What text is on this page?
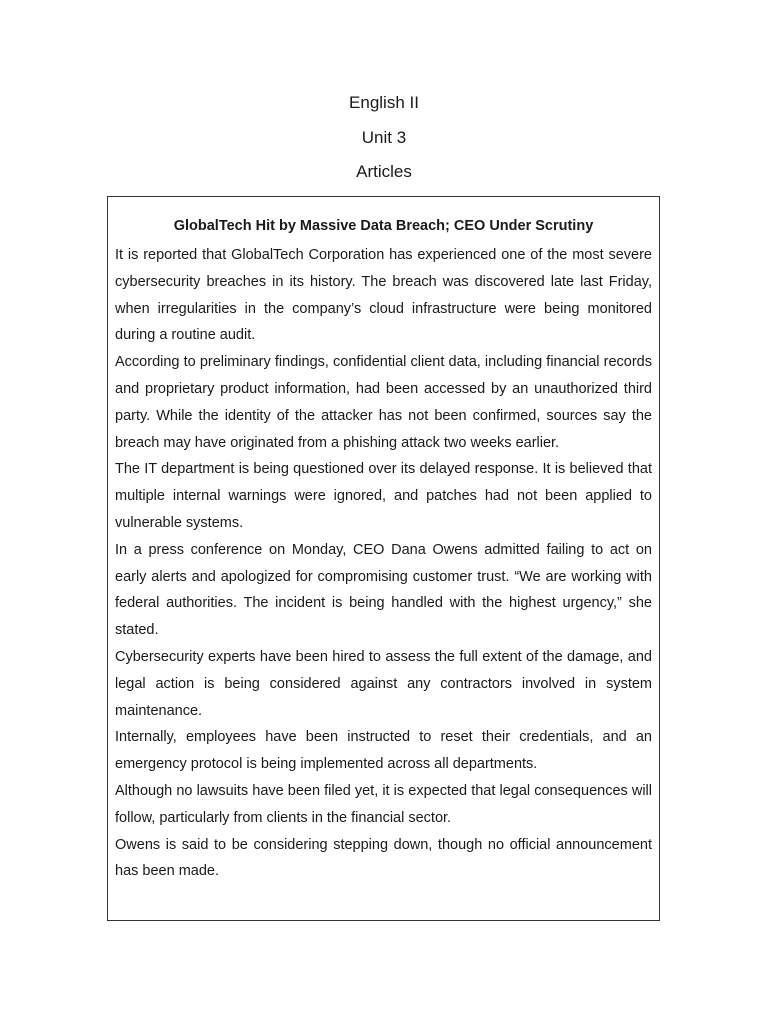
English II
Unit 3
Articles
GlobalTech Hit by Massive Data Breach; CEO Under Scrutiny

It is reported that GlobalTech Corporation has experienced one of the most severe cybersecurity breaches in its history. The breach was discovered late last Friday, when irregularities in the company’s cloud infrastructure were being monitored during a routine audit.

According to preliminary findings, confidential client data, including financial records and proprietary product information, had been accessed by an unauthorized third party. While the identity of the attacker has not been confirmed, sources say the breach may have originated from a phishing attack two weeks earlier.

The IT department is being questioned over its delayed response. It is believed that multiple internal warnings were ignored, and patches had not been applied to vulnerable systems.

In a press conference on Monday, CEO Dana Owens admitted failing to act on early alerts and apologized for compromising customer trust. “We are working with federal authorities. The incident is being handled with the highest urgency,” she stated.

Cybersecurity experts have been hired to assess the full extent of the damage, and legal action is being considered against any contractors involved in system maintenance.

Internally, employees have been instructed to reset their credentials, and an emergency protocol is being implemented across all departments.

Although no lawsuits have been filed yet, it is expected that legal consequences will follow, particularly from clients in the financial sector.

Owens is said to be considering stepping down, though no official announcement has been made.
